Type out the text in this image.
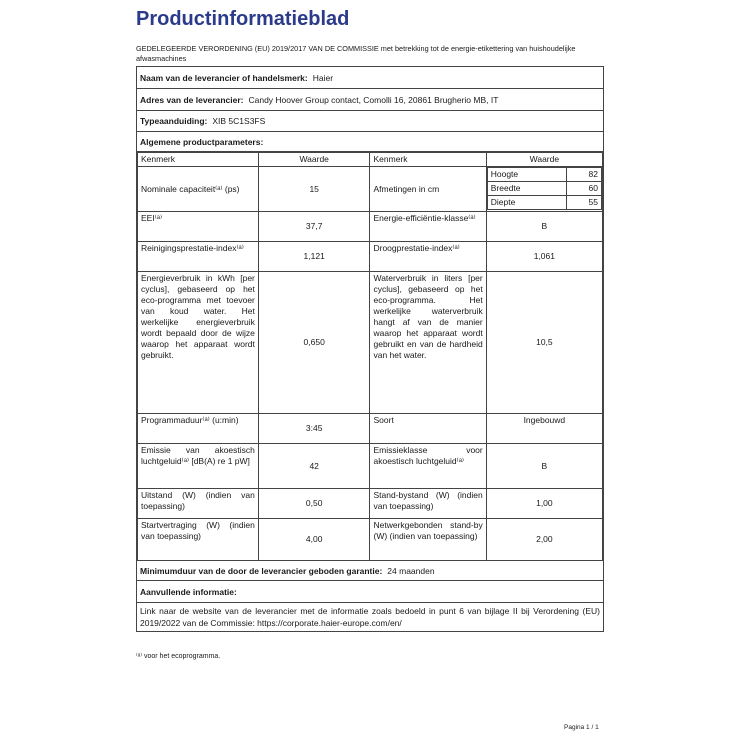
Productinformatieblad
GEDELEGEERDE VERORDENING (EU) 2019/2017 VAN DE COMMISSIE met betrekking tot de energie-etikettering van huishoudelijke afwasmachines
Naam van de leverancier of handelsmerk: Haier
Adres van de leverancier: Candy Hoover Group contact, Comolli 16, 20861 Brugherio MB, IT
Typeaanduiding: XIB 5C1S3FS
Algemene productparameters:
Kenmerk	Waarde	Kenmerk	Waarde
Nominale capaciteit⁽ᵃ⁾ (ps)	15	Afmetingen in cm	
Hoogte	82
Breedte	60
Diepte	55

EEI⁽ᵃ⁾	37,7	Energie-efficiëntie-klasse⁽ᵃ⁾	B
Reinigingsprestatie-index⁽ᵃ⁾	1,121	Droogprestatie-index⁽ᵃ⁾	1,061
Energieverbruik in kWh [per cyclus], gebaseerd op het eco-programma met toevoer van koud water. Het werkelijke energieverbruik wordt bepaald door de wijze waarop het apparaat wordt gebruikt.	0,650	Waterverbruik in liters [per cyclus], gebaseerd op het eco-programma. Het werkelijke waterverbruik hangt af van de manier waarop het apparaat wordt gebruikt en van de hardheid van het water.	10,5
Programmaduur⁽ᵃ⁾ (u:min)	3:45	Soort	Ingebouwd
Emissie van akoestisch luchtgeluid⁽ᵃ⁾ [dB(A) re 1 pW]	42	Emissieklasse voor akoestisch luchtgeluid⁽ᵃ⁾	B
Uitstand (W) (indien van toepassing)	0,50	Stand-bystand (W) (indien van toepassing)	1,00
Startvertraging (W) (indien van toepassing)	4,00	Netwerkgebonden stand-by (W) (indien van toepassing)	2,00
Minimumduur van de door de leverancier geboden garantie: 24 maanden
Aanvullende informatie:
Link naar de website van de leverancier met de informatie zoals bedoeld in punt 6 van bijlage II bij Verordening (EU) 2019/2022 van de Commissie: https://corporate.haier-europe.com/en/
⁽ᵃ⁾ voor het ecoprogramma.
Pagina 1 / 1
